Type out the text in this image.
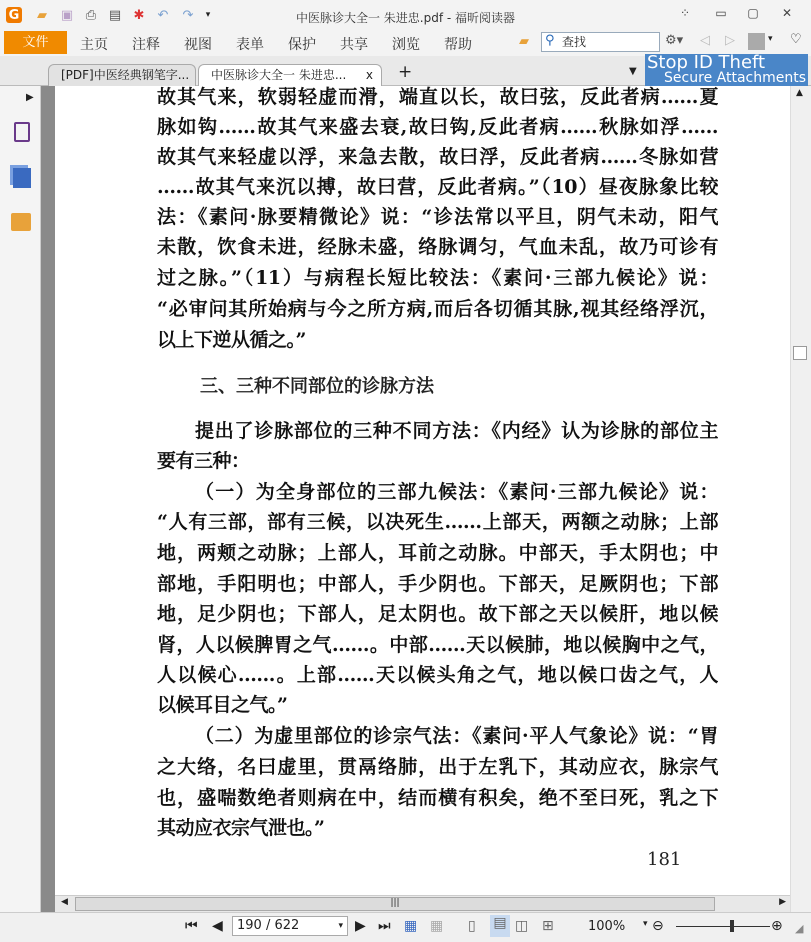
G ▰ ▣ ⎙ ▤ ✱ ↶ ↷	▾	中医脉诊大全一 朱进忠.pdf - 福昕阅读器	⁘	▭	▢	✕
文件	主页 注释 视图 表单 保护 共享 浏览 帮助	▰	查找
⚲	⚙▾ ◁ ▷	▾ ♡
[PDF]中医经典钢笔字...	中医脉诊大全一 朱进忠... x +	▼ Stop ID Theft
Secure Attachments
▶	故其气来，软弱轻虚而滑，端直以长，故曰弦，反此者病……夏
脉如钩……故其气来盛去衰,故曰钩,反此者病……秋脉如浮……
故其气来轻虚以浮，来急去散，故曰浮，反此者病……冬脉如营
……故其气来沉以搏，故曰营，反此者病。”（10）昼夜脉象比较
法：《素问·脉要精微论》说：“诊法常以平旦，阴气未动，阳气
未散，饮食未进，经脉未盛，络脉调匀，气血未乱，故乃可诊有
过之脉。”（11）与病程长短比较法：《素问·三部九候论》说：
“必审问其所始病与今之所方病,而后各切循其脉,视其经络浮沉，
以上下逆从循之。”
提出了诊脉部位的三种不同方法：《内经》认为诊脉的部位主
要有三种：
（一）为全身部位的三部九候法：《素问·三部九候论》说：
“人有三部，部有三候，以决死生……上部天，两额之动脉；上部
地，两颊之动脉；上部人，耳前之动脉。中部天，手太阴也；中
部地，手阳明也；中部人，手少阴也。下部天，足厥阴也；下部
地，足少阴也；下部人，足太阴也。故下部之天以候肝，地以候
肾，人以候脾胃之气……。中部……天以候肺，地以候胸中之气，
人以候心……。上部……天以候头角之气，地以候口齿之气，人
以候耳目之气。”
（二）为虚里部位的诊宗气法：《素问·平人气象论》说：“胃
之大络，名曰虚里，贯鬲络肺，出于左乳下，其动应衣，脉宗气
也，盛喘数绝者则病在中，结而横有积矣，绝不至曰死，乳之下
其动应衣宗气泄也。”
三、三种不同部位的诊脉方法
181
▲
◀	|||	▶
⏮ ◀	190 / 622	▾ ▶ ⏭ ▦ ▦ ▯ ▤ ◫ ⊞	100% ▾ ⊖	⊕ ◢
